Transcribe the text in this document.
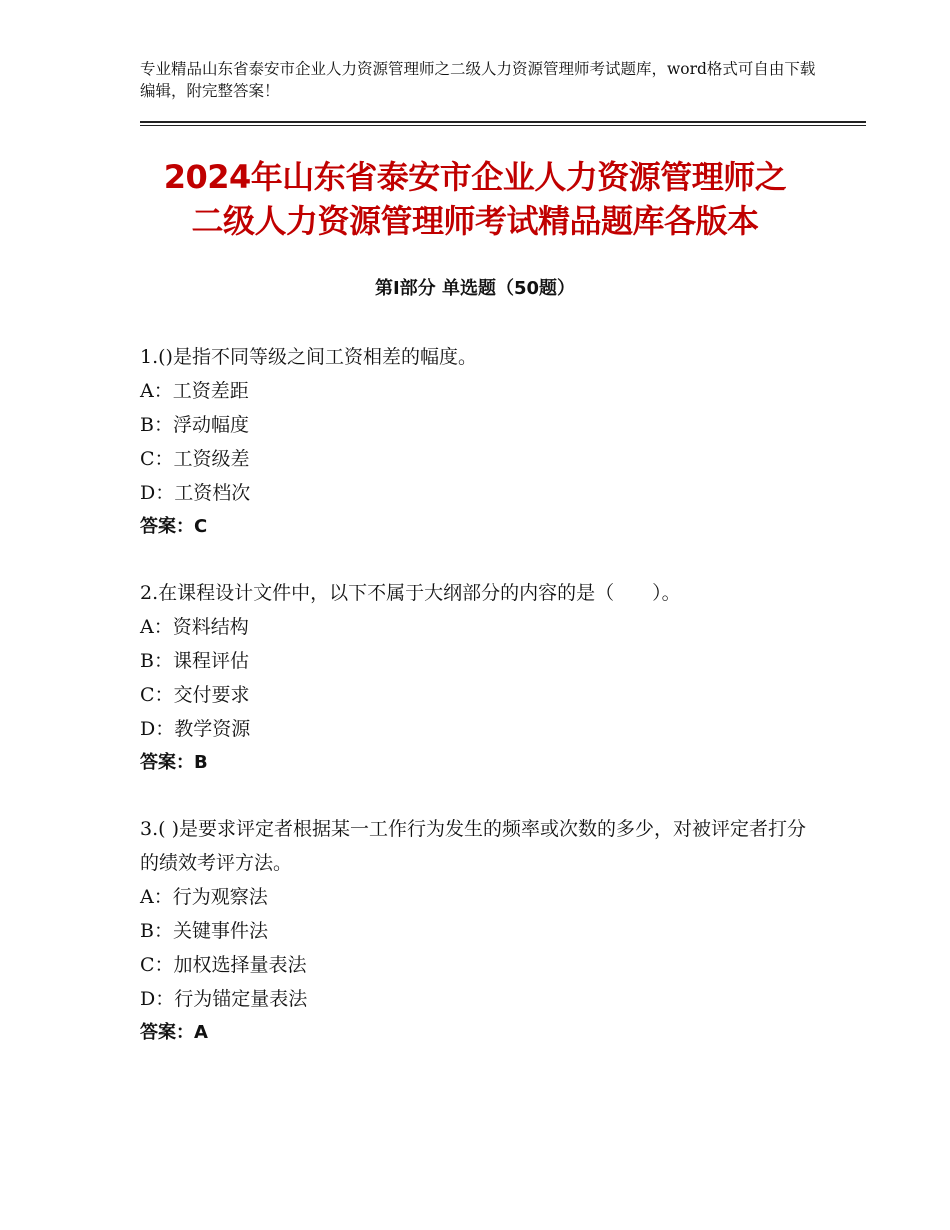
专业精品山东省泰安市企业人力资源管理师之二级人力资源管理师考试题库，word格式可自由下载编辑，附完整答案！
2024年山东省泰安市企业人力资源管理师之
二级人力资源管理师考试精品题库各版本
第Ⅰ部分 单选题（50题）
1.()是指不同等级之间工资相差的幅度。
A：工资差距
B：浮动幅度
C：工资级差
D：工资档次
答案：C
2.在课程设计文件中，以下不属于大纲部分的内容的是（　　）。
A：资料结构
B：课程评估
C：交付要求
D：教学资源
答案：B
3.( )是要求评定者根据某一工作行为发生的频率或次数的多少，对被评定者打分的绩效考评方法。
A：行为观察法
B：关键事件法
C：加权选择量表法
D：行为锚定量表法
答案：A
